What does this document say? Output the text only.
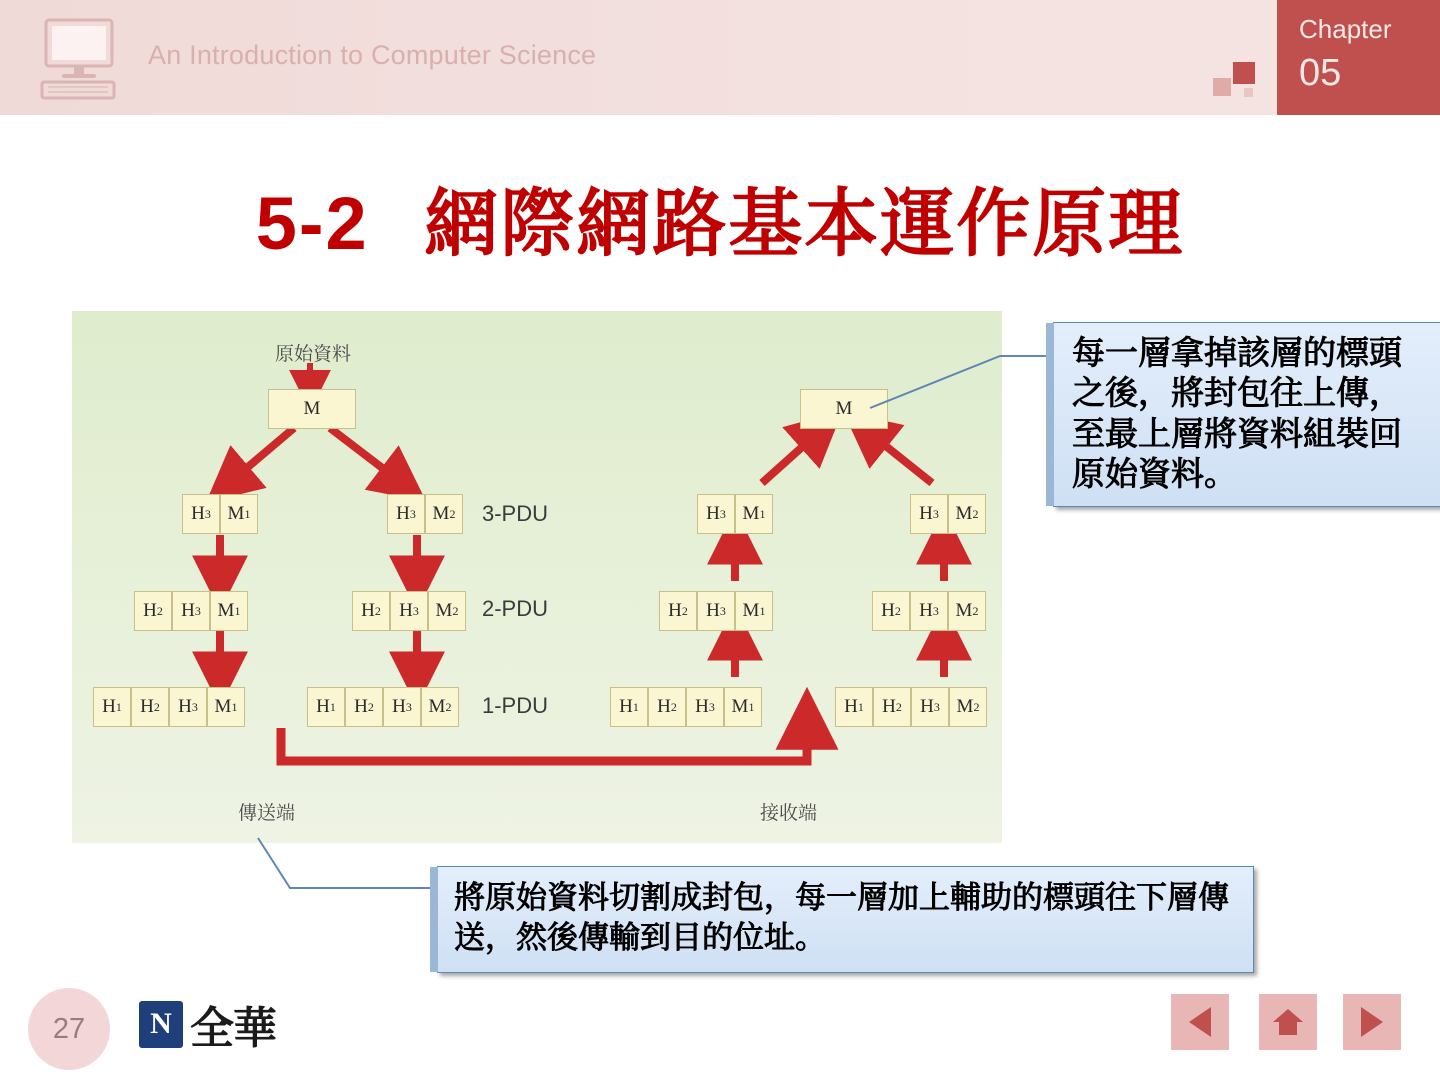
An Introduction to Computer Science
Chapter
05
5-2 網際網路基本運作原理
原始資料
傳送端	接收端
3-PDU
2-PDU
1-PDU
M
H 3 M 1
H 2 H 3 M 1
H 1 H 2 H 3 M 1
H 3 M 2
H 2 H 3 M 2
H 1 H 2 H 3 M 2
M
H 3 M 1
H 2 H 3 M 1
H 1 H 2 H 3 M 1
H 3 M 2
H 2 H 3 M 2
H 1 H 2 H 3 M 2
每一層拿掉該層的標頭之後，將封包往上傳，至最上層將資料組裝回原始資料。
將原始資料切割成封包，每一層加上輔助的標頭往下層傳送，然後傳輸到目的位址。
27	N 全華
